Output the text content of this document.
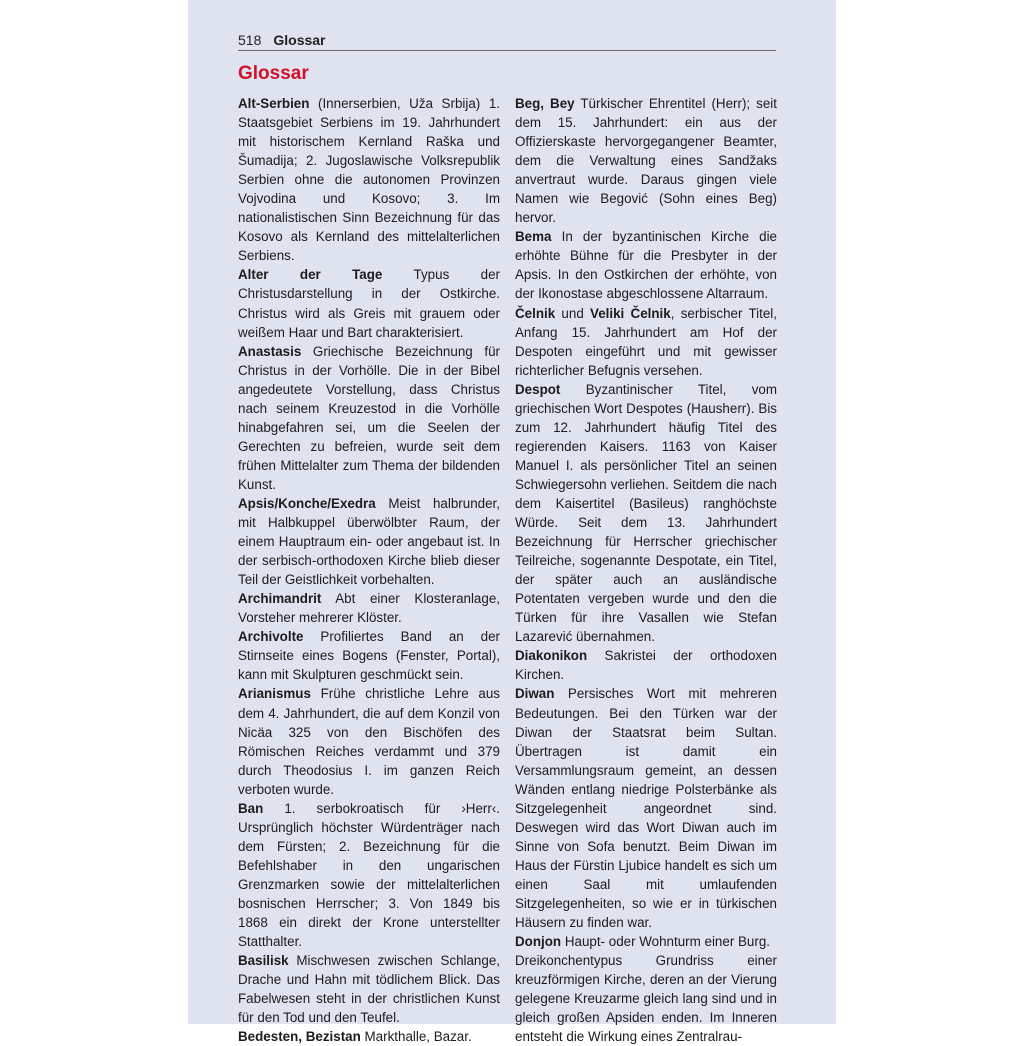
518 Glossar
Glossar

Alt-Serbien (Innerserbien, Uža Srbija) 1. Staatsgebiet Serbiens im 19. Jahrhundert mit historischem Kernland Raška und Šumadija; 2. Jugoslawische Volksrepublik Serbien ohne die autonomen Provinzen Vojvodina und Kosovo; 3. Im nationalistischen Sinn Bezeichnung für das Kosovo als Kernland des mittelalterlichen Serbiens.

Alter der Tage Typus der Christusdarstellung in der Ostkirche. Christus wird als Greis mit grauem oder weißem Haar und Bart charakterisiert.

Anastasis Griechische Bezeichnung für Christus in der Vorhölle. Die in der Bibel angedeutete Vorstellung, dass Christus nach seinem Kreuzestod in die Vorhölle hinabgefahren sei, um die Seelen der Gerechten zu befreien, wurde seit dem frühen Mittelalter zum Thema der bildenden Kunst.

Apsis/Konche/Exedra Meist halbrunder, mit Halbkuppel überwölbter Raum, der einem Hauptraum ein- oder angebaut ist. In der serbisch-orthodoxen Kirche blieb dieser Teil der Geistlichkeit vorbehalten.

Archimandrit Abt einer Klosteranlage, Vorsteher mehrerer Klöster.

Archivolte Profiliertes Band an der Stirnseite eines Bogens (Fenster, Portal), kann mit Skulpturen geschmückt sein.

Arianismus Frühe christliche Lehre aus dem 4. Jahrhundert, die auf dem Konzil von Nicäa 325 von den Bischöfen des Römischen Reiches verdammt und 379 durch Theodosius I. im ganzen Reich verboten wurde.

Ban 1. serbokroatisch für ›Herr‹. Ursprünglich höchster Würdenträger nach dem Fürsten; 2. Bezeichnung für die Befehlshaber in den ungarischen Grenzmarken sowie der mittelalterlichen bosnischen Herrscher; 3. Von 1849 bis 1868 ein direkt der Krone unterstellter Statthalter.

Basilisk Mischwesen zwischen Schlange, Drache und Hahn mit tödlichem Blick. Das Fabelwesen steht in der christlichen Kunst für den Tod und den Teufel.

Bedesten, Bezistan Markthalle, Bazar.

Beg, Bey Türkischer Ehrentitel (Herr); seit dem 15. Jahrhundert: ein aus der Offizierskaste hervorgegangener Beamter, dem die Verwaltung eines Sandžaks anvertraut wurde. Daraus gingen viele Namen wie Begović (Sohn eines Beg) hervor.

Bema In der byzantinischen Kirche die erhöhte Bühne für die Presbyter in der Apsis. In den Ostkirchen der erhöhte, von der Ikonostase abgeschlossene Altarraum.

Čelnik und Veliki Čelnik, serbischer Titel, Anfang 15. Jahrhundert am Hof der Despoten eingeführt und mit gewisser richterlicher Befugnis versehen.

Despot Byzantinischer Titel, vom griechischen Wort Despotes (Hausherr). Bis zum 12. Jahrhundert häufig Titel des regierenden Kaisers. 1163 von Kaiser Manuel I. als persönlicher Titel an seinen Schwiegersohn verliehen. Seitdem die nach dem Kaisertitel (Basileus) ranghöchste Würde. Seit dem 13. Jahrhundert Bezeichnung für Herrscher griechischer Teilreiche, sogenannte Despotate, ein Titel, der später auch an ausländische Potentaten vergeben wurde und den die Türken für ihre Vasallen wie Stefan Lazarević übernahmen.

Diakonikon Sakristei der orthodoxen Kirchen.

Diwan Persisches Wort mit mehreren Bedeutungen. Bei den Türken war der Diwan der Staatsrat beim Sultan. Übertragen ist damit ein Versammlungsraum gemeint, an dessen Wänden entlang niedrige Polsterbänke als Sitzgelegenheit angeordnet sind. Deswegen wird das Wort Diwan auch im Sinne von Sofa benutzt. Beim Diwan im Haus der Fürstin Ljubice handelt es sich um einen Saal mit umlaufenden Sitzgelegenheiten, so wie er in türkischen Häusern zu finden war.

Donjon Haupt- oder Wohnturm einer Burg.

Dreikonchentypus Grundriss einer kreuzförmigen Kirche, deren an der Vierung gelegene Kreuzarme gleich lang sind und in gleich großen Apsiden enden. Im Inneren entsteht die Wirkung eines Zentralrau-
